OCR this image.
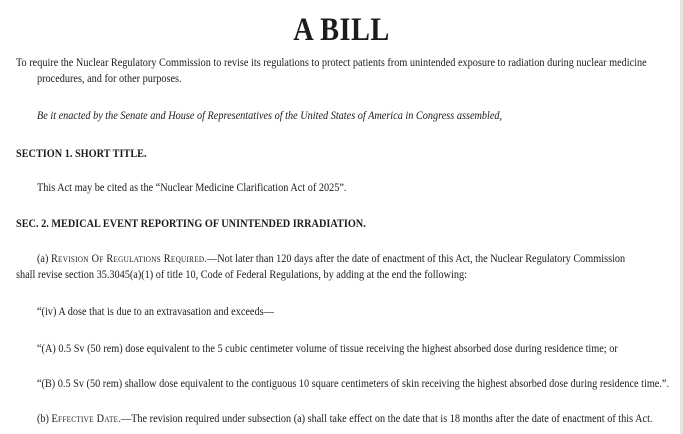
A BILL
To require the Nuclear Regulatory Commission to revise its regulations to protect patients from unintended exposure to radiation during nuclear medicine
procedures, and for other purposes.
Be it enacted by the Senate and House of Representatives of the United States of America in Congress assembled,
SECTION 1. SHORT TITLE.
This Act may be cited as the “Nuclear Medicine Clarification Act of 2025”.
SEC. 2. MEDICAL EVENT REPORTING OF UNINTENDED IRRADIATION.
(a) Revision Of Regulations Required.—Not later than 120 days after the date of enactment of this Act, the Nuclear Regulatory Commission
shall revise section 35.3045(a)(1) of title 10, Code of Federal Regulations, by adding at the end the following:
“(iv) A dose that is due to an extravasation and exceeds—
“(A) 0.5 Sv (50 rem) dose equivalent to the 5 cubic centimeter volume of tissue receiving the highest absorbed dose during residence time; or
“(B) 0.5 Sv (50 rem) shallow dose equivalent to the contiguous 10 square centimeters of skin receiving the highest absorbed dose during residence time.”.
(b) Effective Date.—The revision required under subsection (a) shall take effect on the date that is 18 months after the date of enactment of this Act.
